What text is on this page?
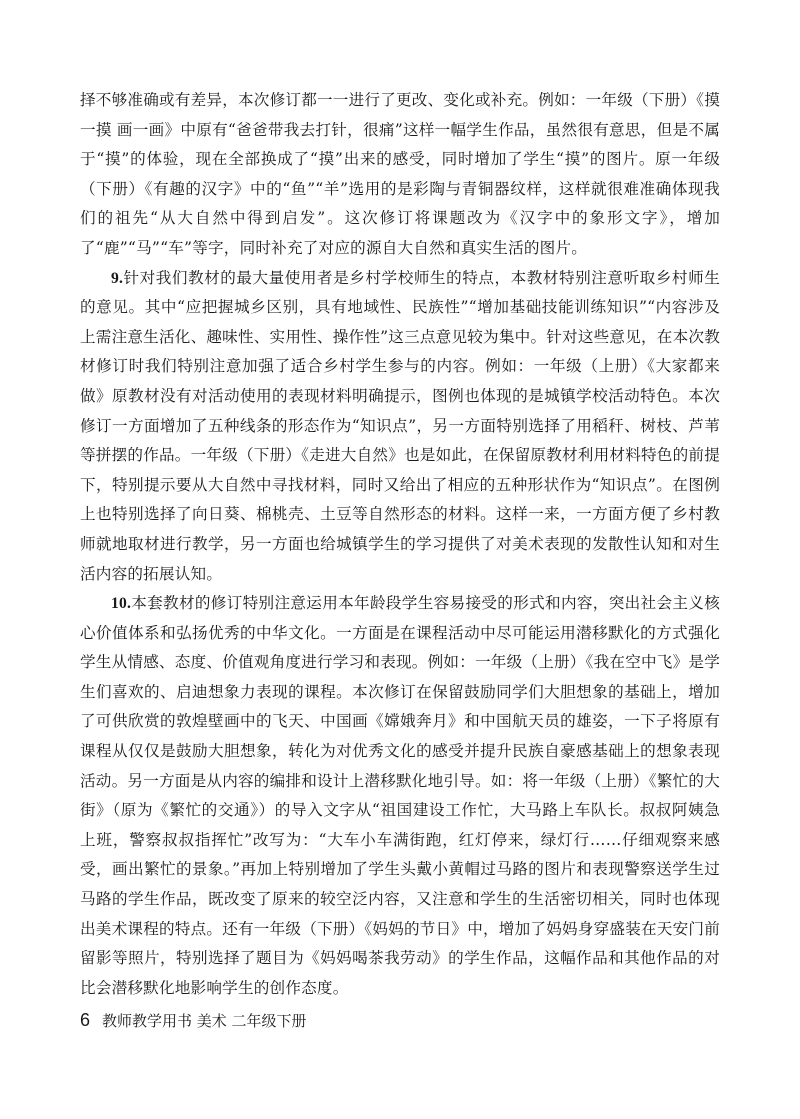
择不够准确或有差异，本次修订都一一进行了更改、变化或补充。例如：一年级（下册）《摸一摸 画一画》中原有“爸爸带我去打针，很痛”这样一幅学生作品，虽然很有意思，但是不属于“摸”的体验，现在全部换成了“摸”出来的感受，同时增加了学生“摸”的图片。原一年级（下册）《有趣的汉字》中的“鱼”“羊”选用的是彩陶与青铜器纹样，这样就很难准确体现我们的祖先“从大自然中得到启发”。这次修订将课题改为《汉字中的象形文字》，增加了“鹿”“马”“车”等字，同时补充了对应的源自大自然和真实生活的图片。

9.针对我们教材的最大量使用者是乡村学校师生的特点，本教材特别注意听取乡村师生的意见。其中“应把握城乡区别，具有地域性、民族性”“增加基础技能训练知识”“内容涉及上需注意生活化、趣味性、实用性、操作性”这三点意见较为集中。针对这些意见，在本次教材修订时我们特别注意加强了适合乡村学生参与的内容。例如：一年级（上册）《大家都来做》原教材没有对活动使用的表现材料明确提示，图例也体现的是城镇学校活动特色。本次修订一方面增加了五种线条的形态作为“知识点”，另一方面特别选择了用稻秆、树枝、芦苇等拼摆的作品。一年级（下册）《走进大自然》也是如此，在保留原教材利用材料特色的前提下，特别提示要从大自然中寻找材料，同时又给出了相应的五种形状作为“知识点”。在图例上也特别选择了向日葵、棉桃壳、土豆等自然形态的材料。这样一来，一方面方便了乡村教师就地取材进行教学，另一方面也给城镇学生的学习提供了对美术表现的发散性认知和对生活内容的拓展认知。

10.本套教材的修订特别注意运用本年龄段学生容易接受的形式和内容，突出社会主义核心价值体系和弘扬优秀的中华文化。一方面是在课程活动中尽可能运用潜移默化的方式强化学生从情感、态度、价值观角度进行学习和表现。例如：一年级（上册）《我在空中飞》是学生们喜欢的、启迪想象力表现的课程。本次修订在保留鼓励同学们大胆想象的基础上，增加了可供欣赏的敦煌壁画中的飞天、中国画《嫦娥奔月》和中国航天员的雄姿，一下子将原有课程从仅仅是鼓励大胆想象，转化为对优秀文化的感受并提升民族自豪感基础上的想象表现活动。另一方面是从内容的编排和设计上潜移默化地引导。如：将一年级（上册）《繁忙的大街》（原为《繁忙的交通》）的导入文字从“祖国建设工作忙，大马路上车队长。叔叔阿姨急上班，警察叔叔指挥忙”改写为：“大车小车满街跑，红灯停来，绿灯行……仔细观察来感受，画出繁忙的景象。”再加上特别增加了学生头戴小黄帽过马路的图片和表现警察送学生过马路的学生作品，既改变了原来的较空泛内容，又注意和学生的生活密切相关，同时也体现出美术课程的特点。还有一年级（下册）《妈妈的节日》中，增加了妈妈身穿盛装在天安门前留影等照片，特别选择了题目为《妈妈喝茶我劳动》的学生作品，这幅作品和其他作品的对比会潜移默化地影响学生的创作态度。

6 教师教学用书 美术 二年级下册
